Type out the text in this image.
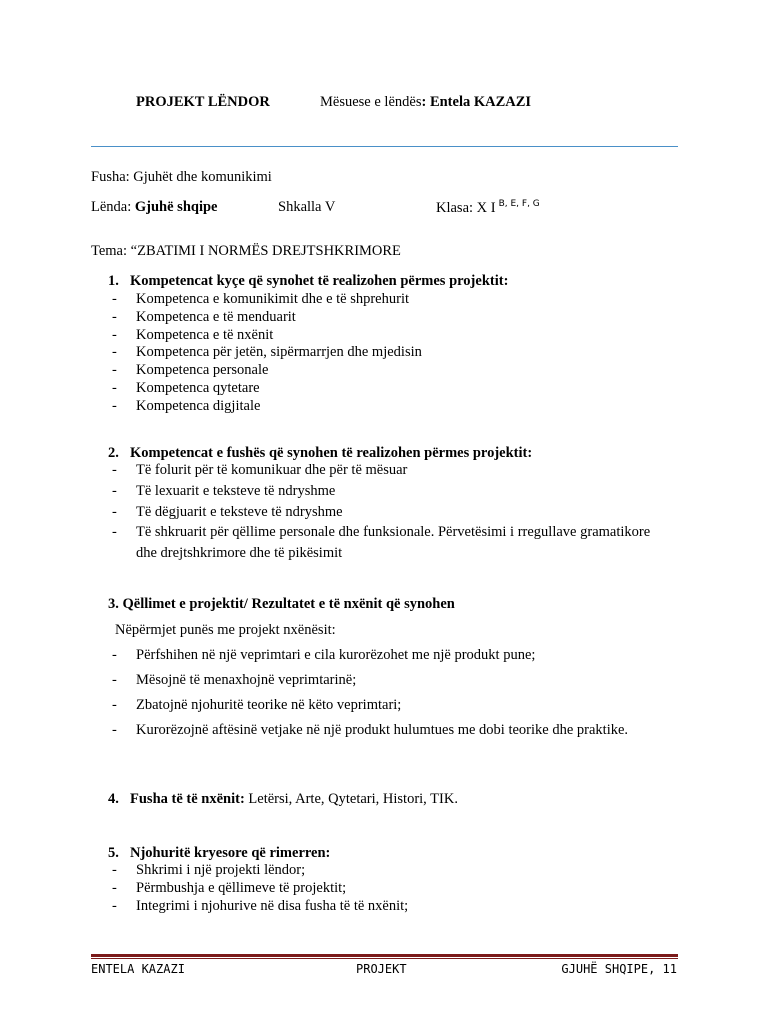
PROJEKT LËNDOR	Mësuese e lëndës: Entela KAZAZI
Fusha: Gjuhët dhe komunikimi
Lënda: Gjuhë shqipe	Shkalla V	Klasa: X I $^{B, E, F, G}$
Tema: “ZBATIMI I NORMËS DREJTSHKRIMORE
1. Kompetencat kyçe që synohet të realizohen përmes projektit:
- Kompetenca e komunikimit dhe e të shprehurit
- Kompetenca e të menduarit
- Kompetenca e të nxënit
- Kompetenca për jetën, sipërmarrjen dhe mjedisin
- Kompetenca personale
- Kompetenca qytetare
- Kompetenca digjitale
2. Kompetencat e fushës që synohen të realizohen përmes projektit:
- Të folurit për të komunikuar dhe për të mësuar
- Të lexuarit e teksteve të ndryshme
- Të dëgjuarit e teksteve të ndryshme
- Të shkruarit për qëllime personale dhe funksionale. Përvetësimi i rregullave gramatikore
dhe drejtshkrimore dhe të pikësimit
3. Qëllimet e projektit/ Rezultatet e të nxënit që synohen
Nëpërmjet punës me projekt nxënësit:
- Përfshihen në një veprimtari e cila kurorëzohet me një produkt pune;
- Mësojnë të menaxhojnë veprimtarinë;
- Zbatojnë njohuritë teorike në këto veprimtari;
- Kurorëzojnë aftësinë vetjake në një produkt hulumtues me dobi teorike dhe praktike.
4. Fusha të të nxënit: Letërsi, Arte, Qytetari, Histori, TIK.
5. Njohuritë kryesore që rimerren:
- Shkrimi i një projekti lëndor;
- Përmbushja e qëllimeve të projektit;
- Integrimi i njohurive në disa fusha të të nxënit;
ENTELA KAZAZI	PROJEKT	GJUHË SHQIPE, 11
